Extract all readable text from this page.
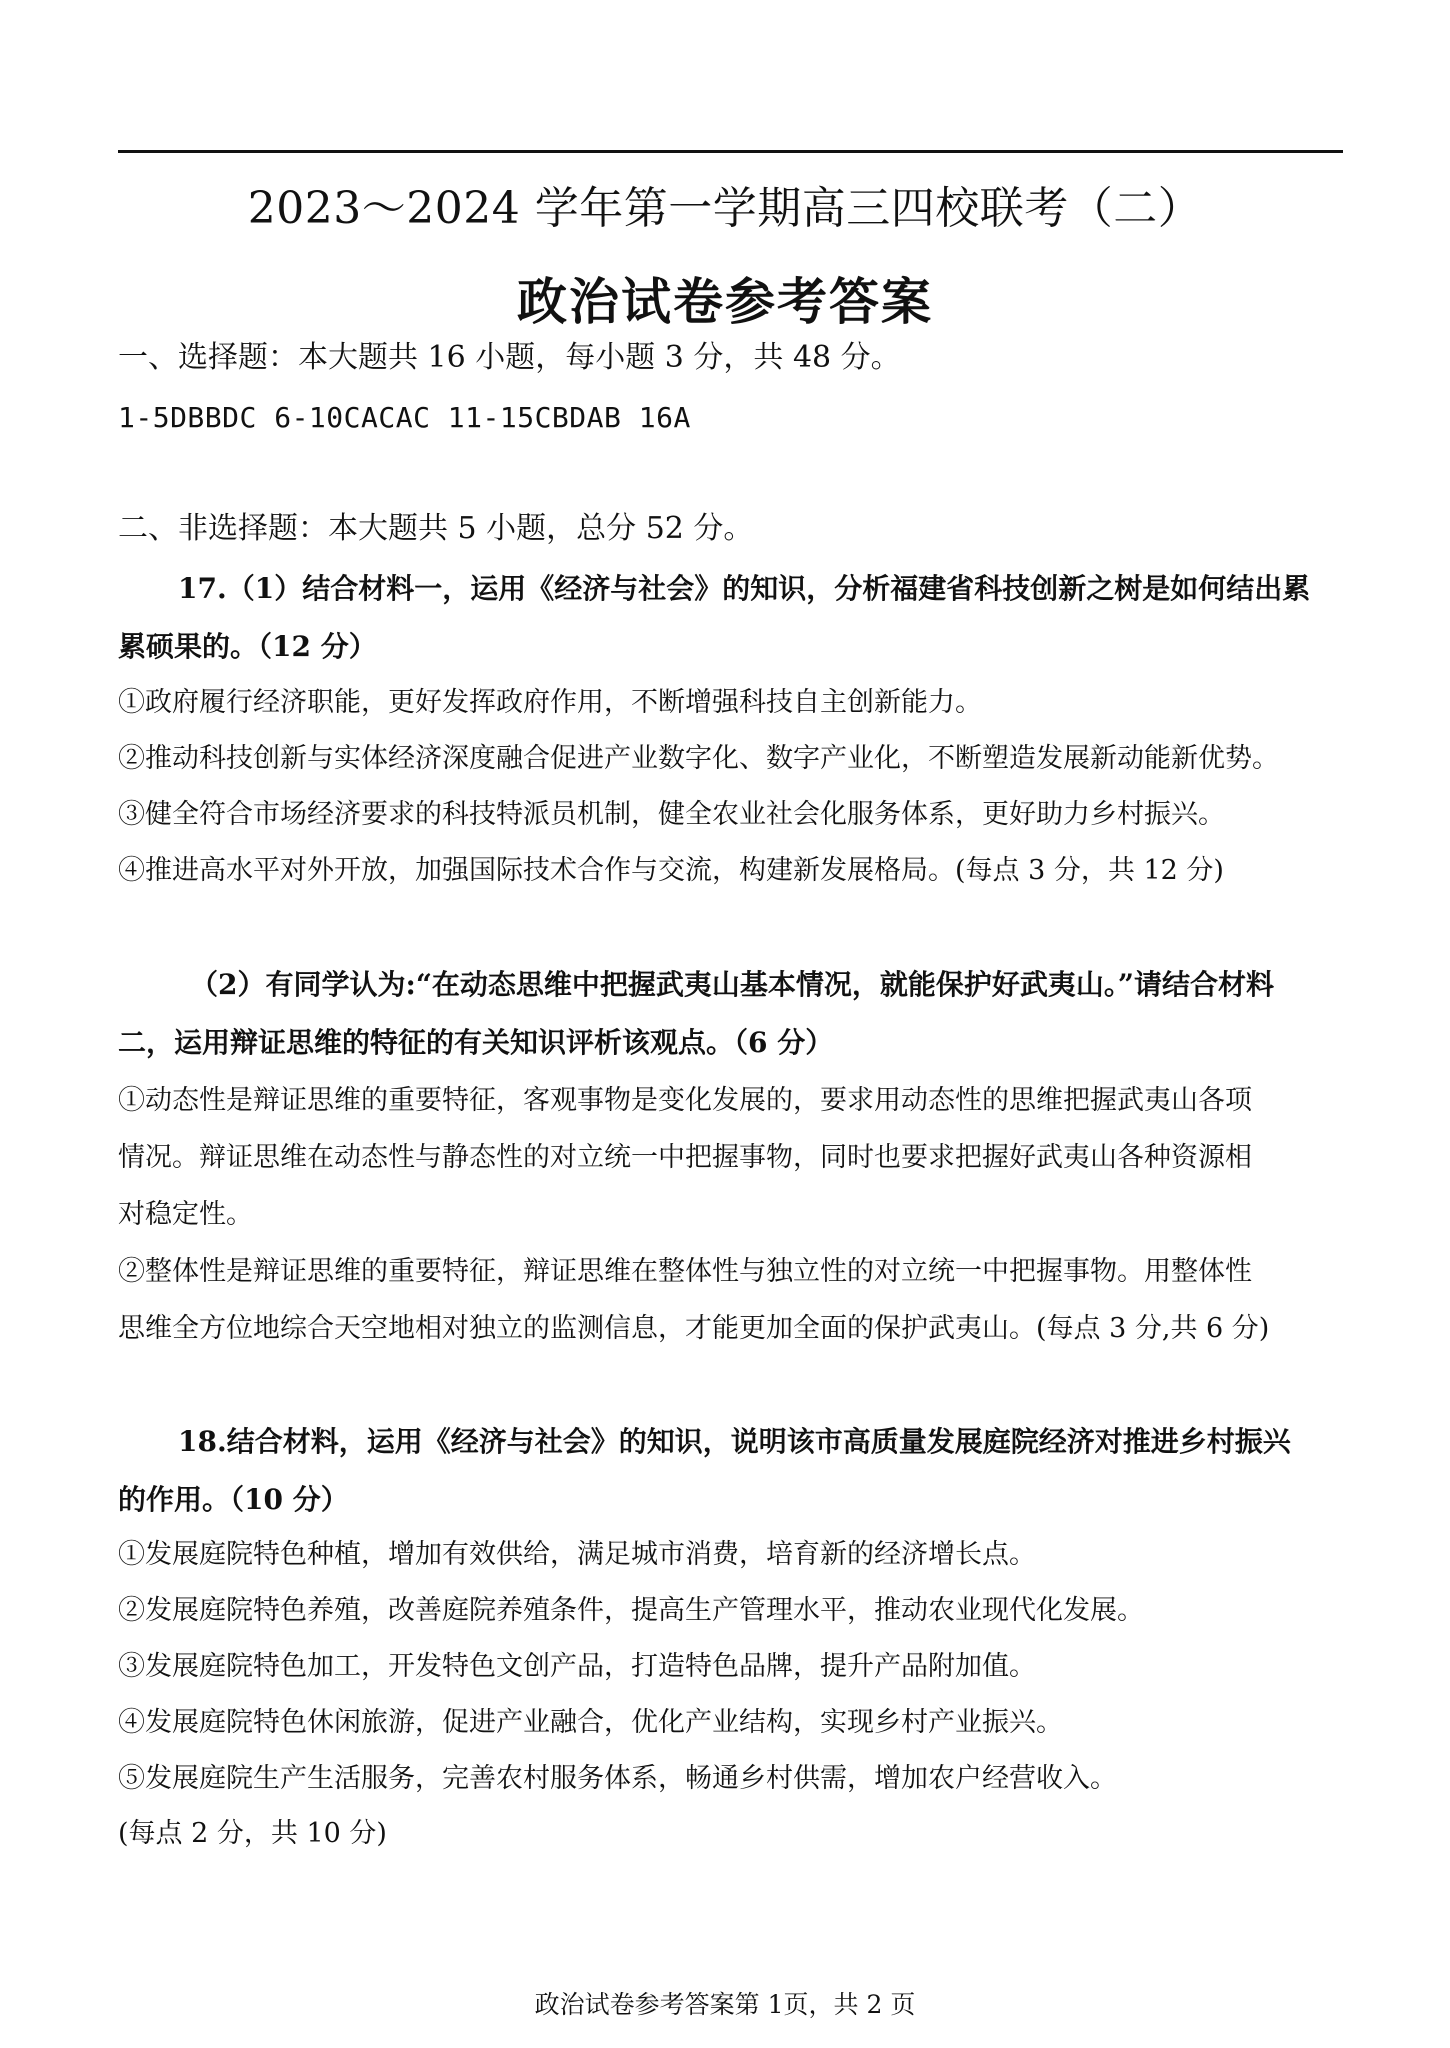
2023～2024 学年第一学期高三四校联考（二）
政治试卷参考答案
一、选择题：本大题共 16 小题，每小题 3 分，共 48 分。
1-5DBBDC 6-10CACAC 11-15CBDAB 16A
二、非选择题：本大题共 5 小题，总分 52 分。
17.（1）结合材料一，运用《经济与社会》的知识，分析福建省科技创新之树是如何结出累
累硕果的。（12 分）
①政府履行经济职能，更好发挥政府作用，不断增强科技自主创新能力。
②推动科技创新与实体经济深度融合促进产业数字化、数字产业化，不断塑造发展新动能新优势。
③健全符合市场经济要求的科技特派员机制，健全农业社会化服务体系，更好助力乡村振兴。
④推进高水平对外开放，加强国际技术合作与交流，构建新发展格局。(每点 3 分，共 12 分)
（2）有同学认为:“在动态思维中把握武夷山基本情况，就能保护好武夷山。”请结合材料
二，运用辩证思维的特征的有关知识评析该观点。（6 分）
①动态性是辩证思维的重要特征，客观事物是变化发展的，要求用动态性的思维把握武夷山各项
情况。辩证思维在动态性与静态性的对立统一中把握事物，同时也要求把握好武夷山各种资源相
对稳定性。
②整体性是辩证思维的重要特征，辩证思维在整体性与独立性的对立统一中把握事物。用整体性
思维全方位地综合天空地相对独立的监测信息，才能更加全面的保护武夷山。(每点 3 分,共 6 分)
18.结合材料，运用《经济与社会》的知识，说明该市高质量发展庭院经济对推进乡村振兴
的作用。（10 分）
①发展庭院特色种植，增加有效供给，满足城市消费，培育新的经济增长点。
②发展庭院特色养殖，改善庭院养殖条件，提高生产管理水平，推动农业现代化发展。
③发展庭院特色加工，开发特色文创产品，打造特色品牌，提升产品附加值。
④发展庭院特色休闲旅游，促进产业融合，优化产业结构，实现乡村产业振兴。
⑤发展庭院生产生活服务，完善农村服务体系，畅通乡村供需，增加农户经营收入。
(每点 2 分，共 10 分)
政治试卷参考答案第 1页，共 2 页
